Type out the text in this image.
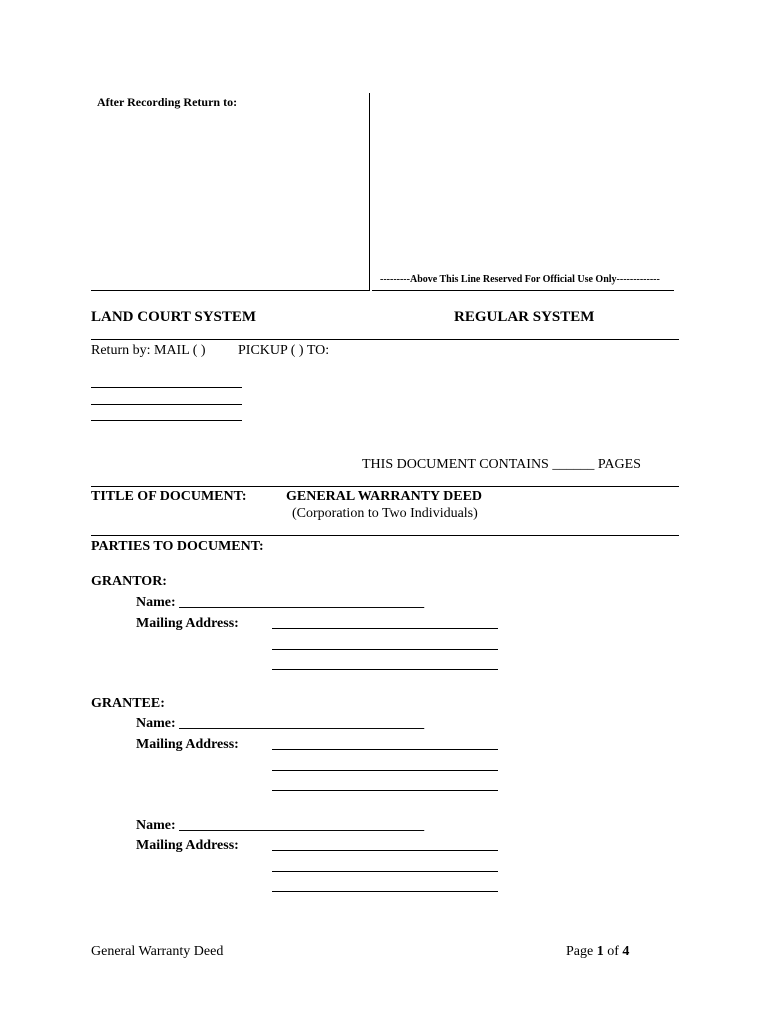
After Recording Return to:
---------Above This Line Reserved For Official Use Only-------------
LAND COURT SYSTEM	REGULAR SYSTEM
Return by: MAIL ( ) PICKUP ( ) TO:
THIS DOCUMENT CONTAINS ______ PAGES
TITLE OF DOCUMENT:	GENERAL WARRANTY DEED
(Corporation to Two Individuals)
PARTIES TO DOCUMENT:
GRANTOR:
Name: ___________________________________
Mailing Address:
GRANTEE:
Name: ___________________________________
Mailing Address:
Name: ___________________________________
Mailing Address:
General Warranty Deed	Page 1 of 4
